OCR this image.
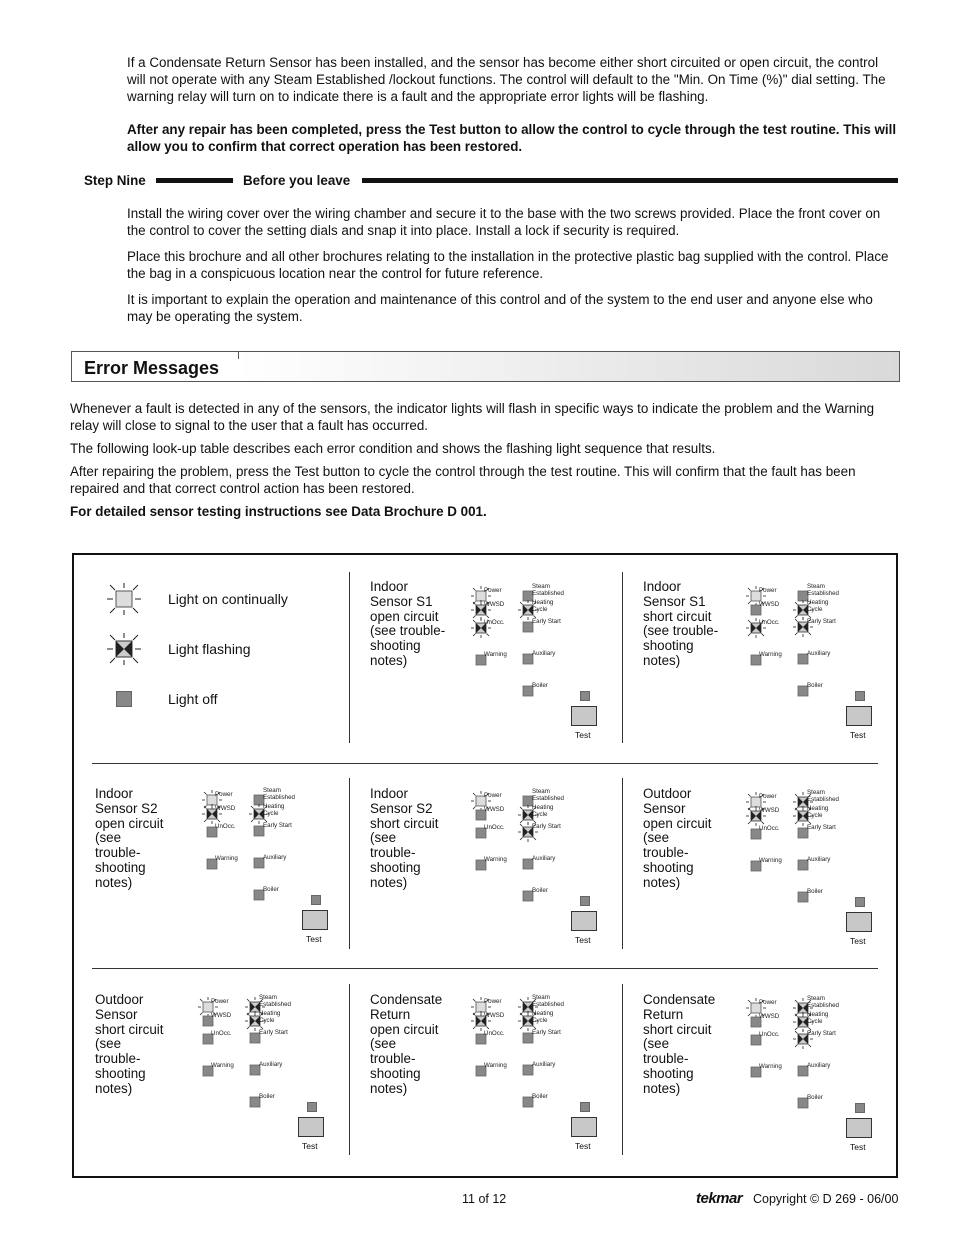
If a Condensate Return Sensor has been installed, and the sensor has become either short circuited or open circuit, the control will not operate with any Steam Established /lockout functions. The control will default to the "Min. On Time (%)" dial setting. The warning relay will turn on to indicate there is a fault and the appropriate error lights will be flashing.

After any repair has been completed, press the Test button to allow the control to cycle through the test routine. This will allow you to confirm that correct operation has been restored.

Step Nine	Before you leave

Install the wiring cover over the wiring chamber and secure it to the base with the two screws provided. Place the front cover on the control to cover the setting dials and snap it into place. Install a lock if security is required.

Place this brochure and all other brochures relating to the installation in the protective plastic bag supplied with the control. Place the bag in a conspicuous location near the control for future reference.

It is important to explain the operation and maintenance of this control and of the system to the end user and anyone else who may be operating the system.

Error Messages

Whenever a fault is detected in any of the sensors, the indicator lights will flash in specific ways to indicate the problem and the Warning relay will close to signal to the user that a fault has occurred.

The following look-up table describes each error condition and shows the flashing light sequence that results.

After repairing the problem, press the Test button to cycle the control through the test routine. This will confirm that the fault has been repaired and that correct control action has been restored.

For detailed sensor testing instructions see Data Brochure D 001.

Light on continually
Light flashing
Light off
Indoor
Sensor S1
open circuit
(see trouble-
shooting
notes)
Power
WWSD
UnOcc.
Warning
Steam
Established
Heating
Cycle
Early Start
Auxiliary
Boiler
Test
Indoor
Sensor S1
short circuit
(see trouble-
shooting
notes)
Power
WWSD
UnOcc.
Warning
Steam
Established
Heating
Cycle
Early Start
Auxiliary
Boiler
Test
Indoor
Sensor S2
open circuit
(see
trouble-
shooting
notes)
Power
WWSD
UnOcc.
Warning
Steam
Established
Heating
Cycle
Early Start
Auxiliary
Boiler
Test
Indoor
Sensor S2
short circuit
(see
trouble-
shooting
notes)
Power
WWSD
UnOcc.
Warning
Steam
Established
Heating
Cycle
Early Start
Auxiliary
Boiler
Test
Outdoor
Sensor
open circuit
(see
trouble-
shooting
notes)
Power
WWSD
UnOcc.
Warning
Steam
Established
Heating
Cycle
Early Start
Auxiliary
Boiler
Test
Outdoor
Sensor
short circuit
(see
trouble-
shooting
notes)
Power
WWSD
UnOcc.
Warning
Steam
Established
Heating
Cycle
Early Start
Auxiliary
Boiler
Test
Condensate
Return
open circuit
(see
trouble-
shooting
notes)
Power
WWSD
UnOcc.
Warning
Steam
Established
Heating
Cycle
Early Start
Auxiliary
Boiler
Test
Condensate
Return
short circuit
(see
trouble-
shooting
notes)
Power
WWSD
UnOcc.
Warning
Steam
Established
Heating
Cycle
Early Start
Auxiliary
Boiler
Test
11 of 12	tekmar Copyright © D 269 - 06/00
